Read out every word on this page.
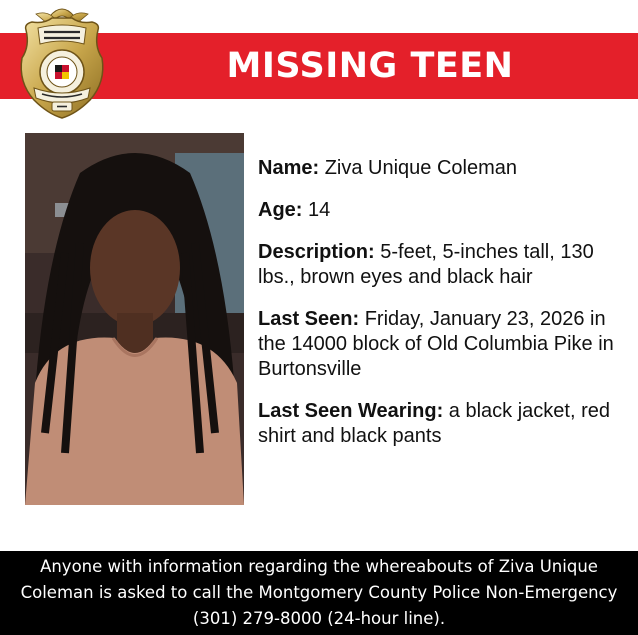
MISSING TEEN

Name: Ziva Unique Coleman

Age: 14

Description: 5-feet, 5-inches tall, 130 lbs., brown eyes and black hair

Last Seen: Friday, January 23, 2026 in the 14000 block of Old Columbia Pike in Burtonsville

Last Seen Wearing: a black jacket, red shirt and black pants

Anyone with information regarding the whereabouts of Ziva Unique Coleman is asked to call the Montgomery County Police Non-Emergency (301) 279-8000 (24-hour line).
